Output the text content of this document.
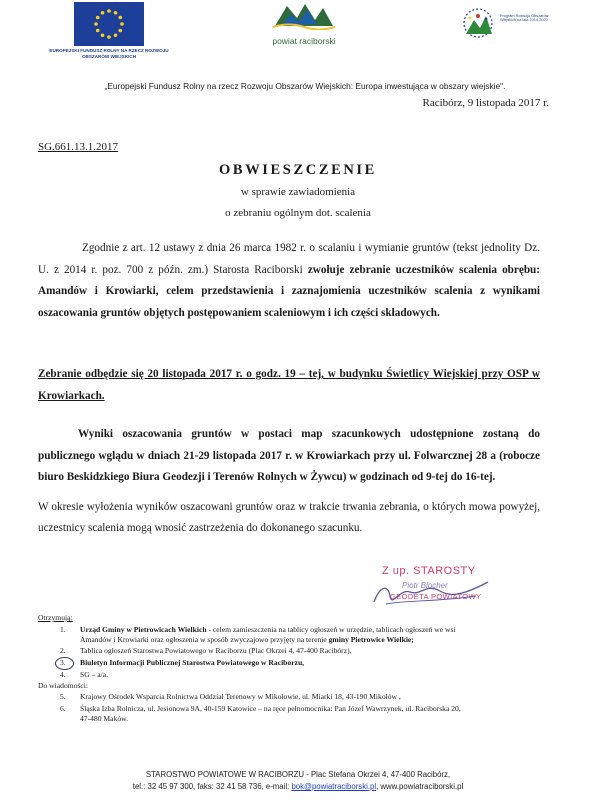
EUROPEJSKI FUNDUSZ ROLNY NA RZECZ ROZWOJU OBSZARÓW WIEJSKICH
powiat raciborski
Program Rozwoju Obszarów Wiejskich na lata 2014-2020
„Europejski Fundusz Rolny na rzecz Rozwoju Obszarów Wiejskich: Europa inwestująca w obszary wiejskie".
Racibórz, 9 listopada 2017 r.
SG.661.13.1.2017
OBWIESZCZENIE
w sprawie zawiadomienia
o zebraniu ogólnym dot. scalenia
Zgodnie z art. 12 ustawy z dnia 26 marca 1982 r. o scalaniu i wymianie gruntów (tekst jednolity Dz. U. z 2014 r. poz. 700 z późn. zm.) Starosta Raciborski zwołuje zebranie uczestników scalenia obrębu: Amandów i Krowiarki, celem przedstawienia i zaznajomienia uczestników scalenia z wynikami oszacowania gruntów objętych postępowaniem scaleniowym i ich części składowych.
Zebranie odbędzie się 20 listopada 2017 r. o godz. 19 – tej, w budynku Świetlicy Wiejskiej przy OSP w Krowiarkach.
Wyniki oszacowania gruntów w postaci map szacunkowych udostępnione zostaną do publicznego wglądu w dniach 21-29 listopada 2017 r. w Krowiarkach przy ul. Folwarcznej 28 a (robocze biuro Beskidzkiego Biura Geodezji i Terenów Rolnych w Żywcu) w godzinach od 9-tej do 16-tej.
W okresie wyłożenia wyników oszacowani gruntów oraz w trakcie trwania zebrania, o których mowa powyżej, uczestnicy scalenia mogą wnosić zastrzeżenia do dokonanego szacunku.
Z up. STAROSTY
Piotr Blocher
GEODETA POWIATOWY
Otrzymują:
1.	Urząd Gminy w Pietrowicach Wielkich - celem zamieszczenia na tablicy ogłoszeń w urzędzie, tablicach ogłoszeń we wsi
Amandów i Krowiarki oraz ogłoszenia w sposób zwyczajowo przyjęty na terenie gminy Pietrowice Wielkie;
2.	Tablica ogłoszeń Starostwa Powiatowego w Raciborzu (Plac Okrzei 4, 47-400 Racibórz),
3.	Biuletyn Informacji Publicznej Starostwa Powiatowego w Raciborzu,
4.	SG – a/a.
Do wiadomości:
5.	Krajowy Ośrodek Wsparcia Rolnictwa Oddział Terenowy w Mikołowie, ul. Miarki 18, 43-190 Mikołów ,
6.	Śląska Izba Rolnicza, ul. Jesionowa 9A, 40-159 Katowice – na ręce pełnomocnika: Pan Józef Wawrzynek, ul. Raciborska 20,
47-480 Maków.
STAROSTWO POWIATOWE W RACIBORZU - Plac Stefana Okrzei 4, 47-400 Racibórz,
tel.: 32 45 97 300, faks: 32 41 58 736, e-mail: bok@powiatraciborski.pl, www.powiatraciborski.pl
